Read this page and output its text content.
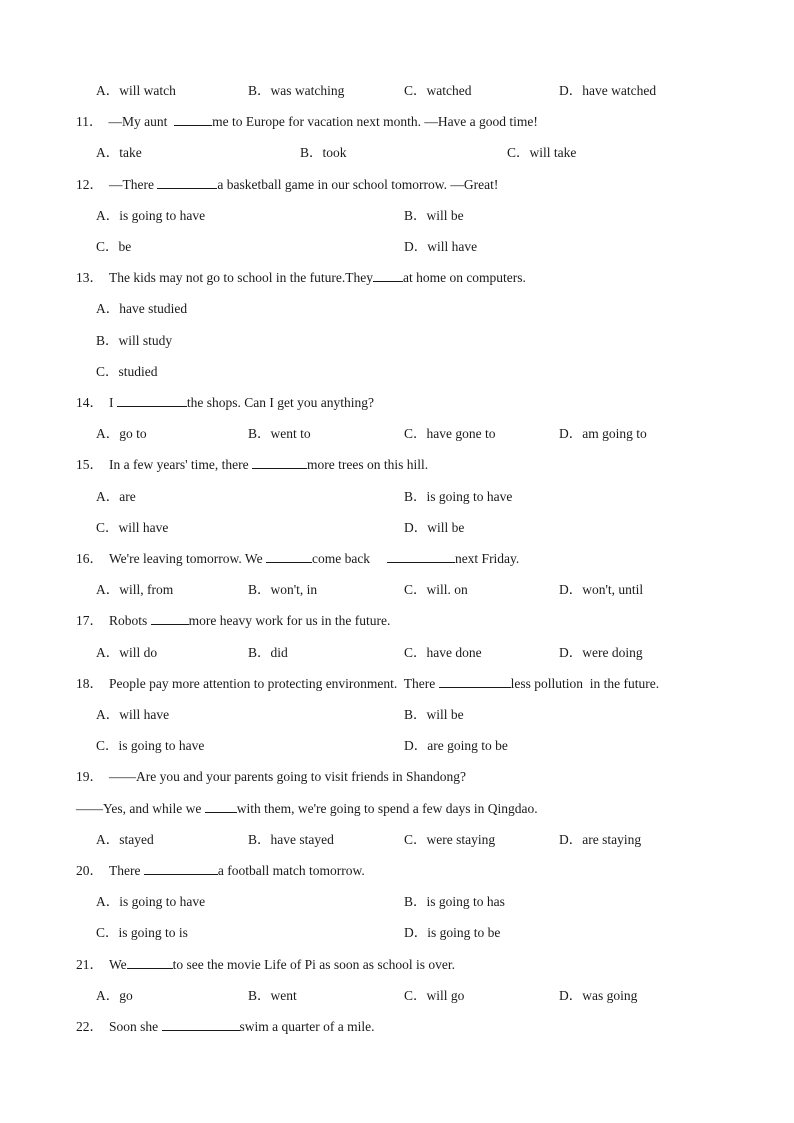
A．will watch	B．was watching	C．watched	D．have watched
11． —My aunt	me to Europe for vacation next month. —Have a good time!
A．take	B．took	C．will take
12． —There	a basketball game in our school tomorrow. —Great!
A．is going to have	B．will be
C．be	D．will have
13． The kids may not go to school in the future.They at home on computers.
A．have studied
B．will study
C．studied
14． I	the shops. Can I get you anything?
A．go to	B．went to	C．have gone to	D．am going to
15． In a few years' time, there	more trees on this hill.
A．are	B．is going to have
C．will have	D．will be
16． We're leaving tomorrow. We	come back	next Friday.
A．will, from	B．won't, in	C．will. on	D．won't, until
17． Robots	more heavy work for us in the future.
A．will do	B．did	C．have done	D．were doing
18． People pay more attention to protecting environment.  There	less pollution  in the future.
A．will have	B．will be
C．is going to have	D．are going to be
19． ——Are you and your parents going to visit friends in Shandong?
——Yes, and while we with them, we're going to spend a few days in Qingdao.
A．stayed	B．have stayed	C．were staying	D．are staying
20． There	a football match tomorrow.
A．is going to have	B．is going to has
C．is going to is	D．is going to be
21． We	to see the movie Life of Pi as soon as school is over.
A．go	B．went	C．will go	D．was going
22． Soon she	swim a quarter of a mile.
